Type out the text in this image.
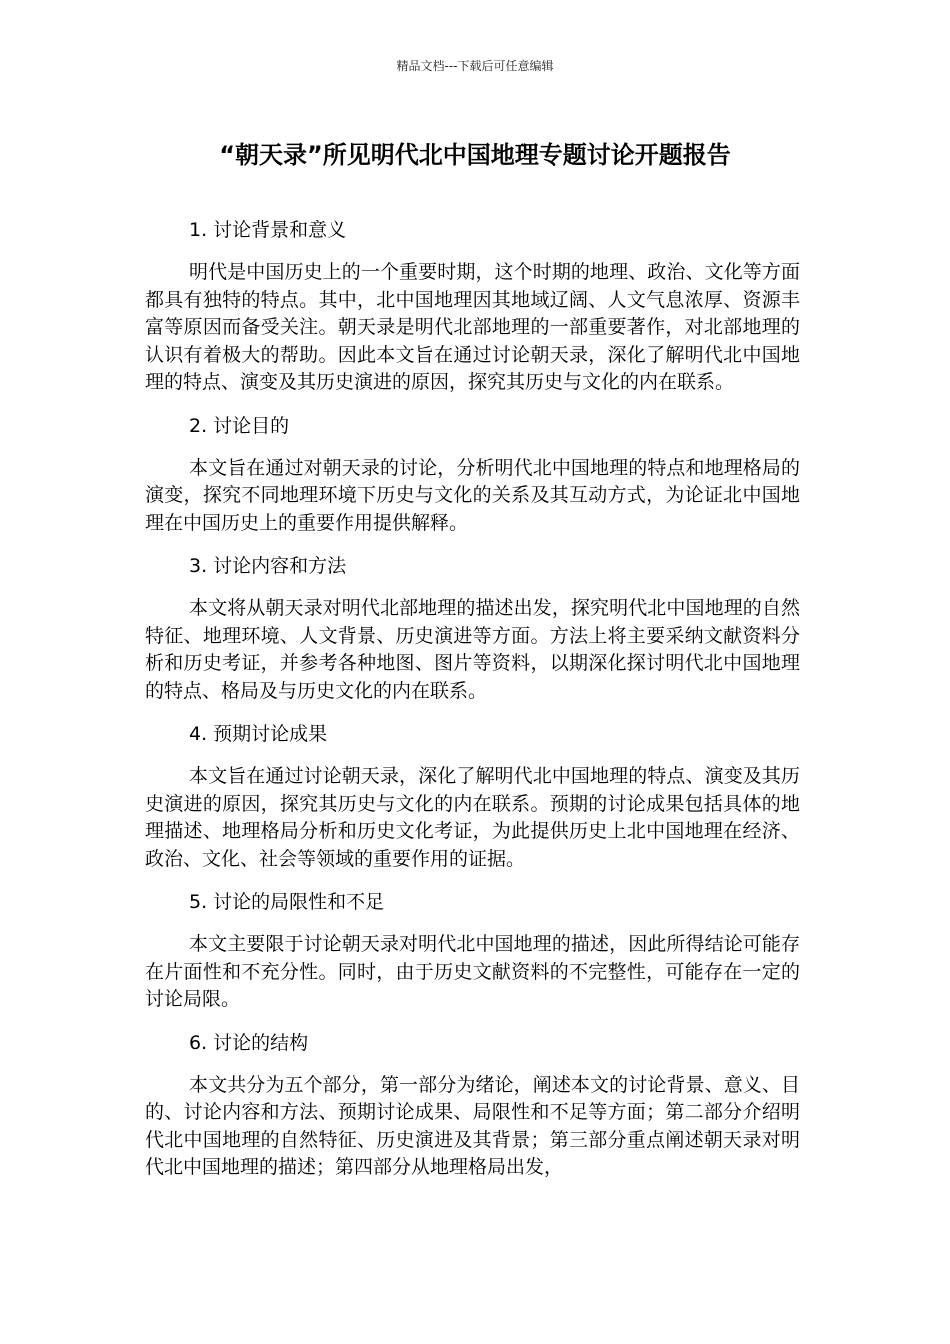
精品文档---下载后可任意编辑
“朝天录”所见明代北中国地理专题讨论开题报告

1. 讨论背景和意义

明代是中国历史上的一个重要时期，这个时期的地理、政治、文化等方面都具有独特的特点。其中，北中国地理因其地域辽阔、人文气息浓厚、资源丰富等原因而备受关注。朝天录是明代北部地理的一部重要著作，对北部地理的认识有着极大的帮助。因此本文旨在通过讨论朝天录，深化了解明代北中国地理的特点、演变及其历史演进的原因，探究其历史与文化的内在联系。

2. 讨论目的

本文旨在通过对朝天录的讨论，分析明代北中国地理的特点和地理格局的演变，探究不同地理环境下历史与文化的关系及其互动方式，为论证北中国地理在中国历史上的重要作用提供解释。

3. 讨论内容和方法

本文将从朝天录对明代北部地理的描述出发，探究明代北中国地理的自然特征、地理环境、人文背景、历史演进等方面。方法上将主要采纳文献资料分析和历史考证，并参考各种地图、图片等资料，以期深化探讨明代北中国地理的特点、格局及与历史文化的内在联系。

4. 预期讨论成果

本文旨在通过讨论朝天录，深化了解明代北中国地理的特点、演变及其历史演进的原因，探究其历史与文化的内在联系。预期的讨论成果包括具体的地理描述、地理格局分析和历史文化考证，为此提供历史上北中国地理在经济、政治、文化、社会等领域的重要作用的证据。

5. 讨论的局限性和不足

本文主要限于讨论朝天录对明代北中国地理的描述，因此所得结论可能存在片面性和不充分性。同时，由于历史文献资料的不完整性，可能存在一定的讨论局限。

6. 讨论的结构

本文共分为五个部分，第一部分为绪论，阐述本文的讨论背景、意义、目的、讨论内容和方法、预期讨论成果、局限性和不足等方面；第二部分介绍明代北中国地理的自然特征、历史演进及其背景；第三部分重点阐述朝天录对明代北中国地理的描述；第四部分从地理格局出发，
